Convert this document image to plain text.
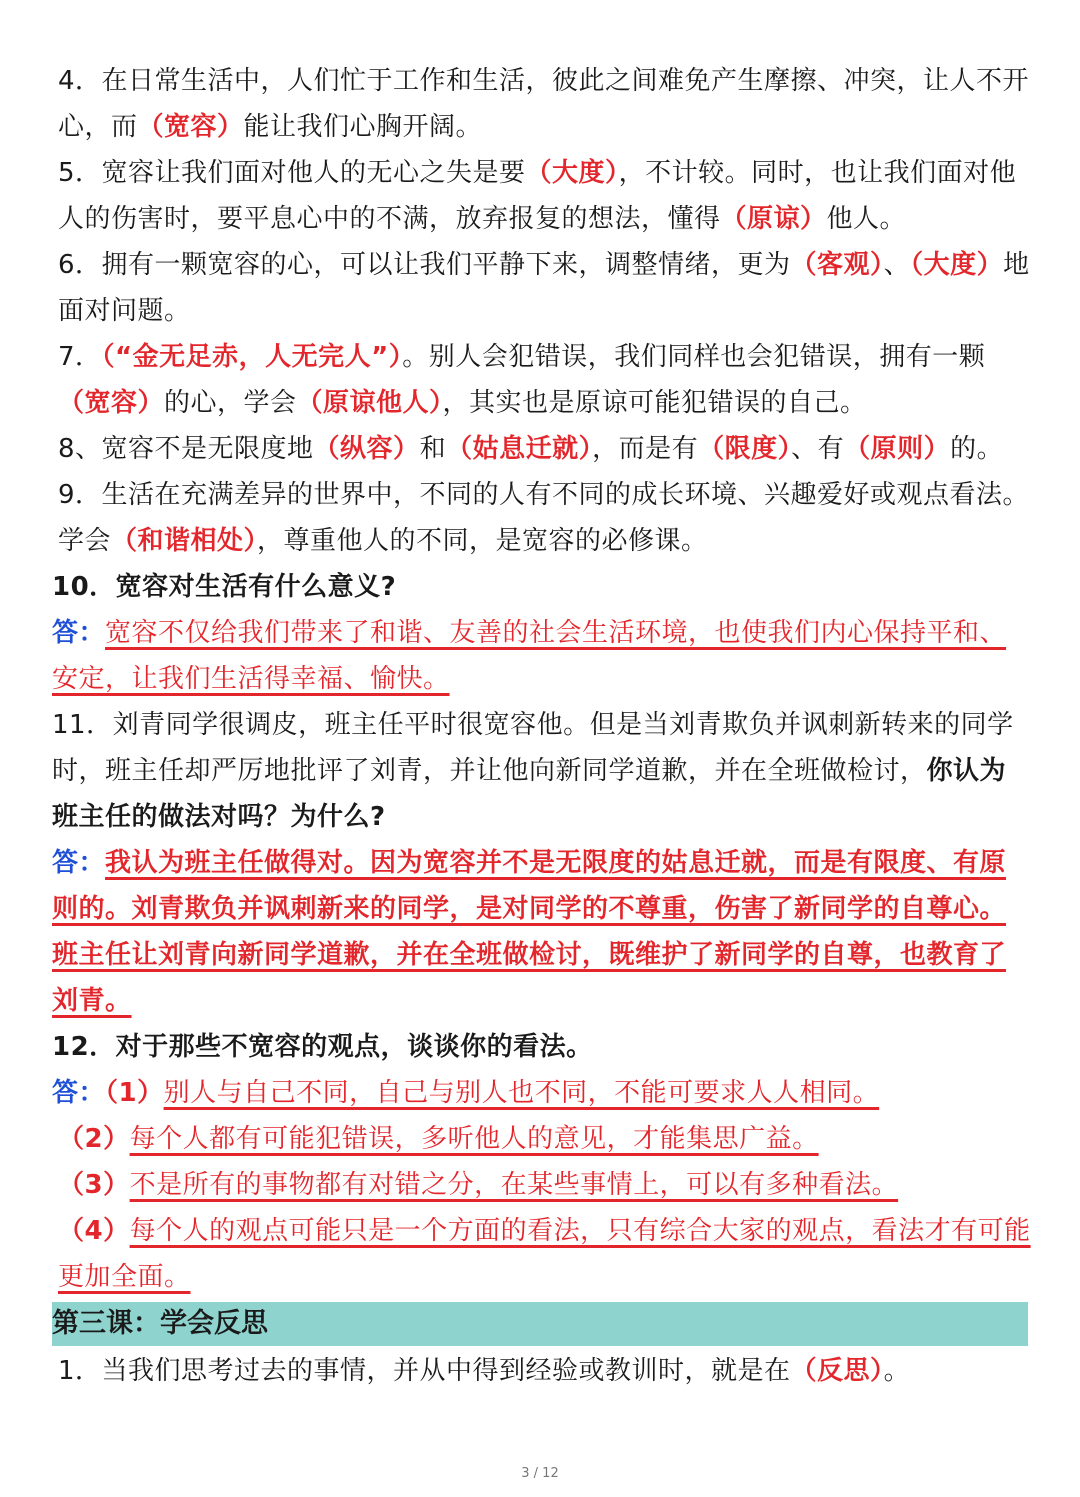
4．在日常生活中，人们忙于工作和生活，彼此之间难免产生摩擦、冲突，让人不开心，而（宽容）能让我们心胸开阔。

5．宽容让我们面对他人的无心之失是要（大度），不计较。同时，也让我们面对他人的伤害时，要平息心中的不满，放弃报复的想法，懂得（原谅）他人。

6．拥有一颗宽容的心，可以让我们平静下来，调整情绪，更为（客观）、（大度）地面对问题。

7．（“金无足赤，人无完人”）。别人会犯错误，我们同样也会犯错误，拥有一颗（宽容）的心，学会（原谅他人），其实也是原谅可能犯错误的自己。

8、宽容不是无限度地（纵容）和（姑息迁就），而是有（限度）、有（原则）的。

9．生活在充满差异的世界中，不同的人有不同的成长环境、兴趣爱好或观点看法。学会（和谐相处），尊重他人的不同，是宽容的必修课。

10．宽容对生活有什么意义?

答：宽容不仅给我们带来了和谐、友善的社会生活环境，也使我们内心保持平和、安定，让我们生活得幸福、愉快。

11．刘青同学很调皮，班主任平时很宽容他。但是当刘青欺负并讽刺新转来的同学时，班主任却严厉地批评了刘青，并让他向新同学道歉，并在全班做检讨，你认为班主任的做法对吗？为什么?

答：我认为班主任做得对。因为宽容并不是无限度的姑息迁就，而是有限度、有原则的。刘青欺负并讽刺新来的同学，是对同学的不尊重，伤害了新同学的自尊心。班主任让刘青向新同学道歉，并在全班做检讨，既维护了新同学的自尊，也教育了刘青。

12．对于那些不宽容的观点，谈谈你的看法。

答：（1）别人与自己不同，自己与别人也不同，不能可要求人人相同。

（2）每个人都有可能犯错误，多听他人的意见，才能集思广益。

（3）不是所有的事物都有对错之分，在某些事情上，可以有多种看法。

（4）每个人的观点可能只是一个方面的看法，只有综合大家的观点，看法才有可能更加全面。

第三课：学会反思

1．当我们思考过去的事情，并从中得到经验或教训时，就是在（反思）。

3 / 12
